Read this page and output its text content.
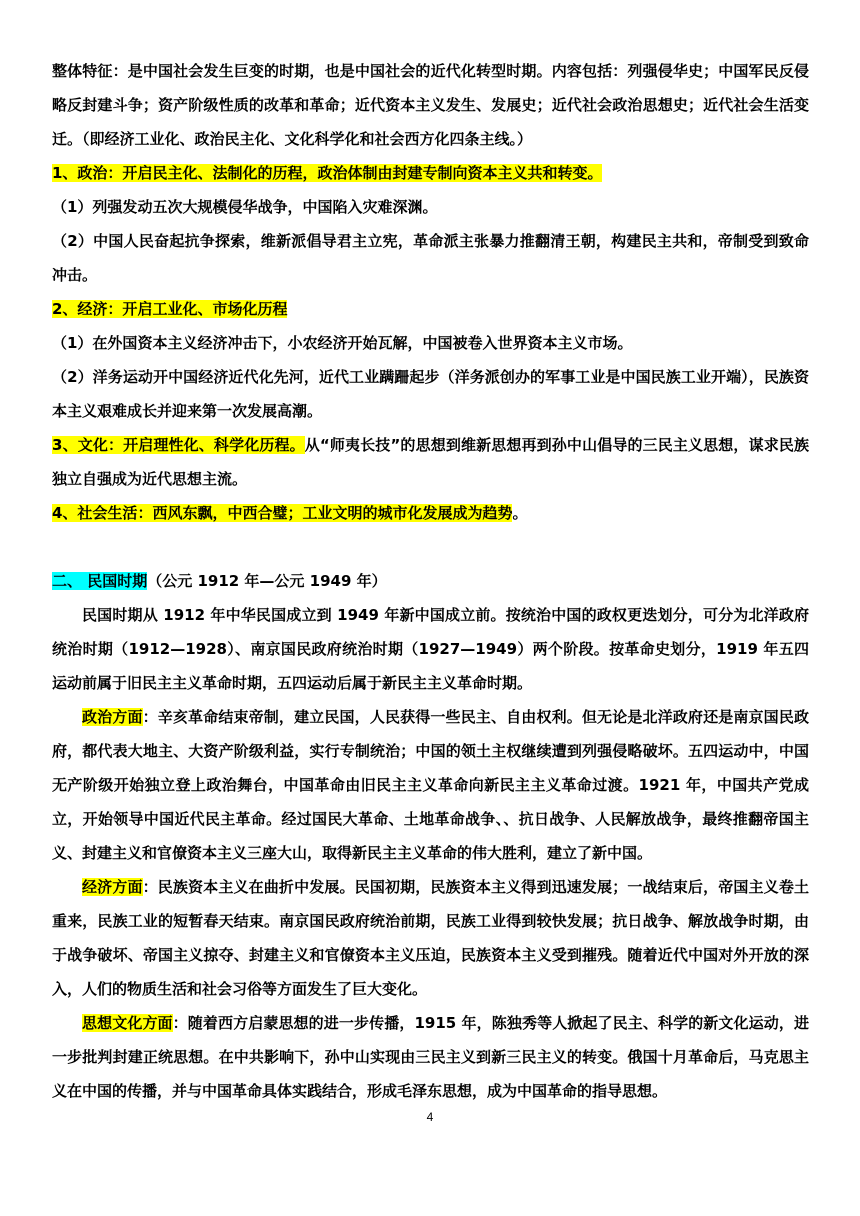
整体特征：是中国社会发生巨变的时期，也是中国社会的近代化转型时期。内容包括：列强侵华史；中国军民反侵略反封建斗争；资产阶级性质的改革和革命；近代资本主义发生、发展史；近代社会政治思想史；近代社会生活变迁。（即经济工业化、政治民主化、文化科学化和社会西方化四条主线。）

1、政治：开启民主化、法制化的历程，政治体制由封建专制向资本主义共和转变。

（1）列强发动五次大规模侵华战争，中国陷入灾难深渊。

（2）中国人民奋起抗争探索，维新派倡导君主立宪，革命派主张暴力推翻清王朝，构建民主共和，帝制受到致命冲击。

2、经济：开启工业化、市场化历程

（1）在外国资本主义经济冲击下，小农经济开始瓦解，中国被卷入世界资本主义市场。

（2）洋务运动开中国经济近代化先河，近代工业蹒跚起步（洋务派创办的军事工业是中国民族工业开端），民族资本主义艰难成长并迎来第一次发展高潮。

3、文化：开启理性化、科学化历程。从“师夷长技”的思想到维新思想再到孙中山倡导的三民主义思想，谋求民族独立自强成为近代思想主流。

4、社会生活：西风东飘，中西合璧；工业文明的城市化发展成为趋势。

二、 民国时期（公元 1912 年—公元 1949 年）

民国时期从 1912 年中华民国成立到 1949 年新中国成立前。按统治中国的政权更迭划分，可分为北洋政府统治时期（1912—1928）、南京国民政府统治时期（1927—1949）两个阶段。按革命史划分，1919 年五四运动前属于旧民主主义革命时期，五四运动后属于新民主主义革命时期。

政治方面：辛亥革命结束帝制，建立民国，人民获得一些民主、自由权利。但无论是北洋政府还是南京国民政府，都代表大地主、大资产阶级利益，实行专制统治；中国的领土主权继续遭到列强侵略破坏。五四运动中，中国无产阶级开始独立登上政治舞台，中国革命由旧民主主义革命向新民主主义革命过渡。1921 年，中国共产党成立，开始领导中国近代民主革命。经过国民大革命、土地革命战争、、抗日战争、人民解放战争，最终推翻帝国主义、封建主义和官僚资本主义三座大山，取得新民主主义革命的伟大胜利，建立了新中国。

经济方面：民族资本主义在曲折中发展。民国初期，民族资本主义得到迅速发展；一战结束后，帝国主义卷土重来，民族工业的短暂春天结束。南京国民政府统治前期，民族工业得到较快发展；抗日战争、解放战争时期，由于战争破坏、帝国主义掠夺、封建主义和官僚资本主义压迫，民族资本主义受到摧残。随着近代中国对外开放的深入，人们的物质生活和社会习俗等方面发生了巨大变化。

思想文化方面：随着西方启蒙思想的进一步传播，1915 年，陈独秀等人掀起了民主、科学的新文化运动，进一步批判封建正统思想。在中共影响下，孙中山实现由三民主义到新三民主义的转变。俄国十月革命后，马克思主义在中国的传播，并与中国革命具体实践结合，形成毛泽东思想，成为中国革命的指导思想。

4
